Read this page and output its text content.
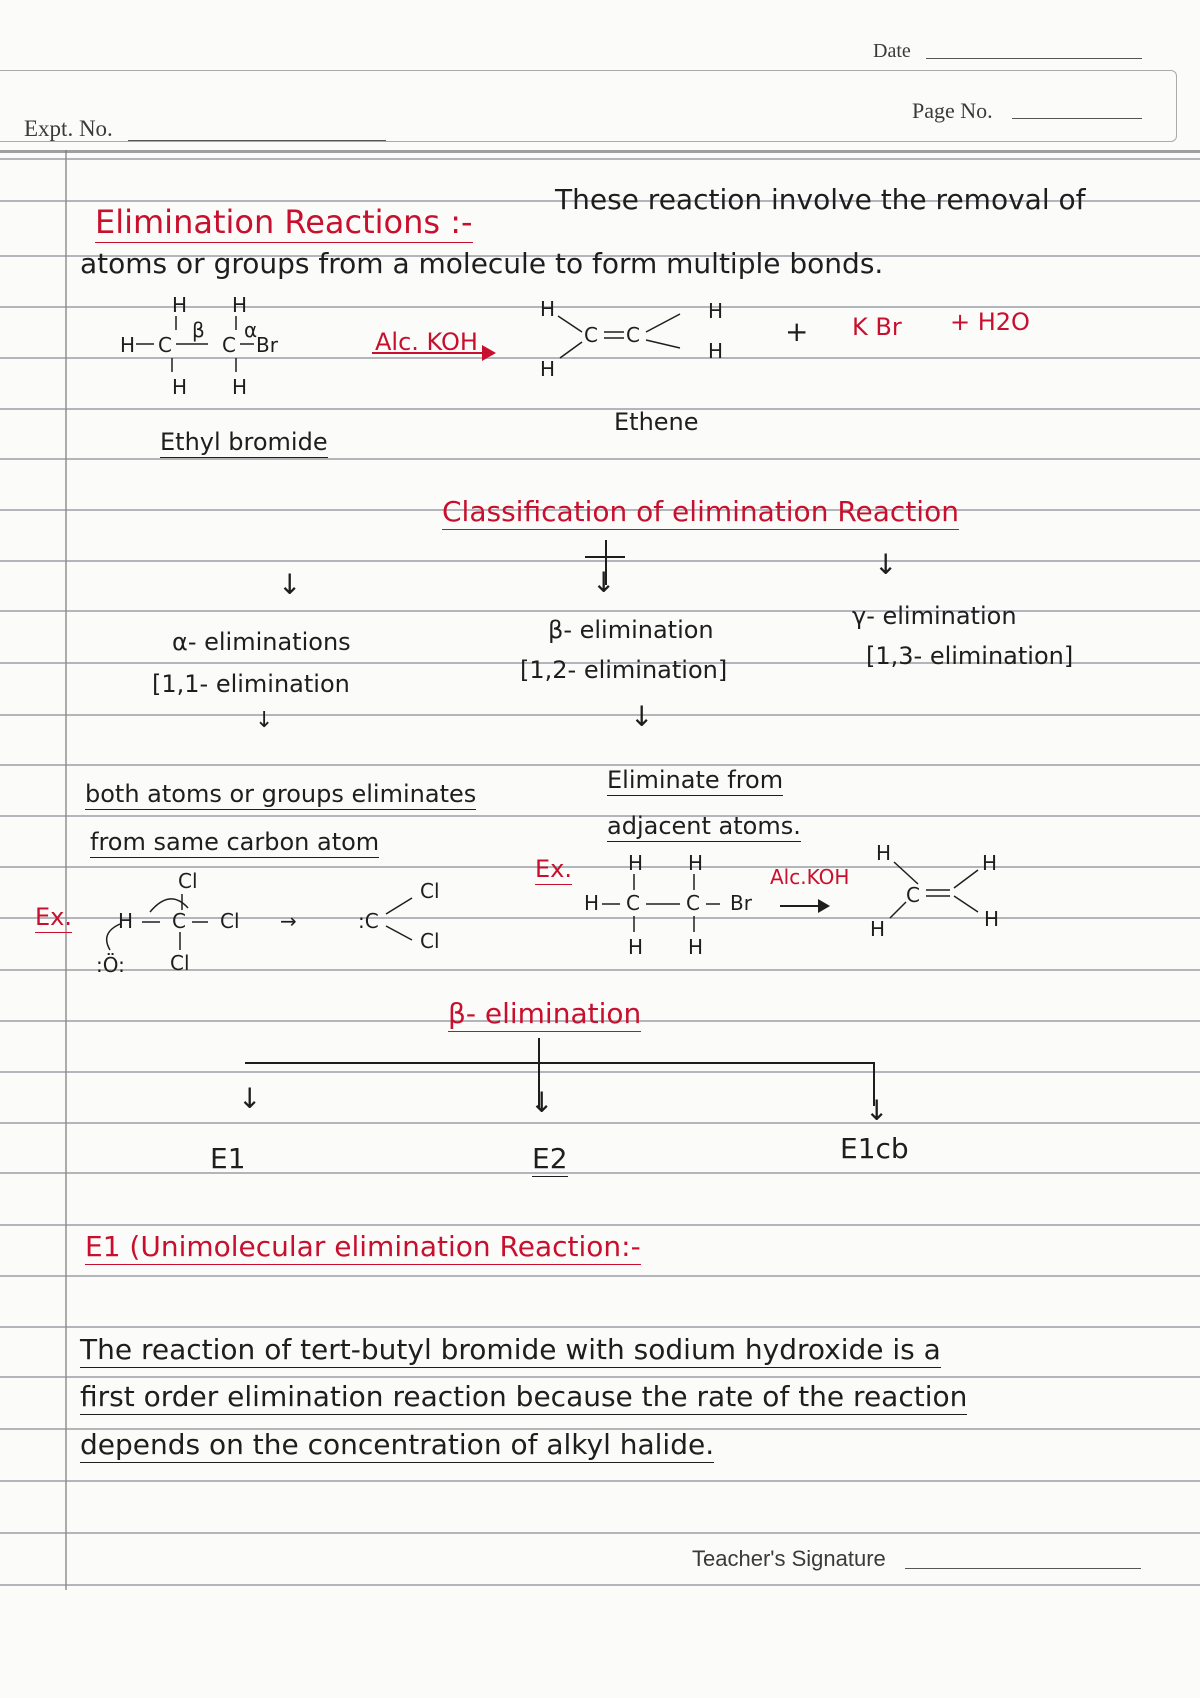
Date
Expt. No.
Page No.
Elimination Reactions :-
These reaction involve the removal of
atoms or groups from a molecule to form multiple bonds.
H H
H C	C Br
H H
β α	Alc. KOH
H
C C
H
H
H
+ K Br + H2O
Ethyl bromide
Ethene
Classification of elimination Reaction
↓	↓
↓
α- eliminations
[1,1- elimination
β- elimination
[1,2- elimination]
γ- elimination
[1,3- elimination]
↓	↓
both atoms or groups eliminates
from same carbon atom
Eliminate from
adjacent atoms.
Ex.
Cl
H C Cl
Cl
:Ö:
→	:C
Cl
Cl
Ex.	H H
H C C Br
H H
Alc.KOH
H
C
H
H
H
β- elimination
↓	↓	↓
E1	E2	E1cb
E1 (Unimolecular elimination Reaction:-
The reaction of tert-butyl bromide with sodium hydroxide is a
first order elimination reaction because the rate of the reaction
depends on the concentration of alkyl halide.
Teacher's Signature
